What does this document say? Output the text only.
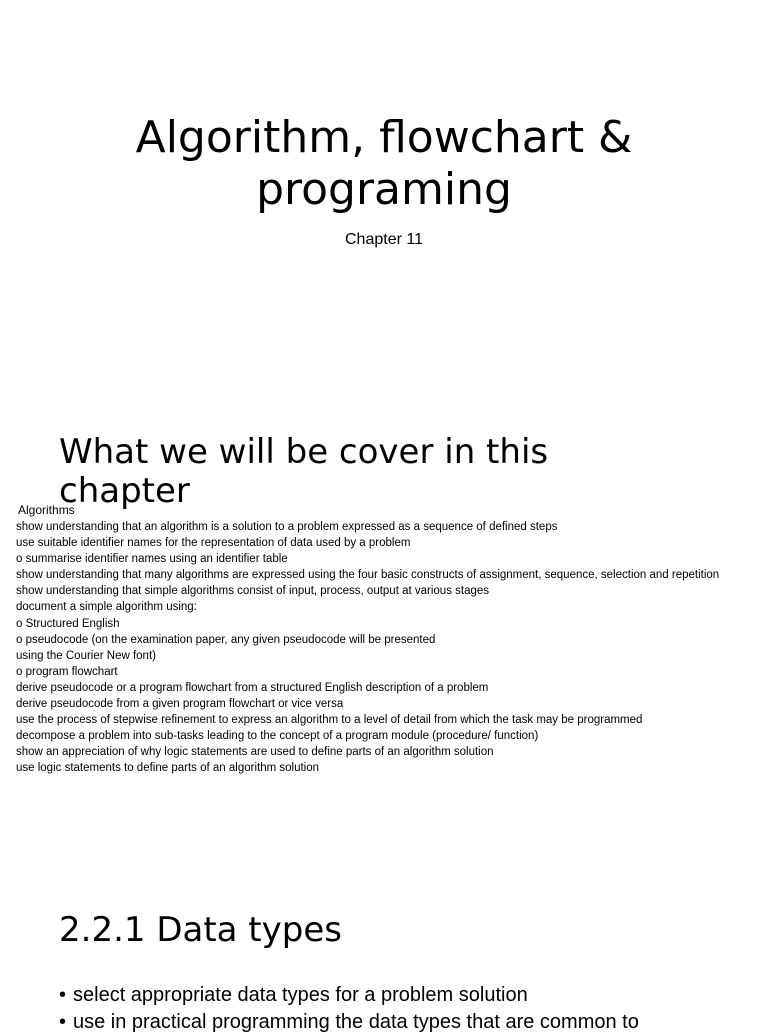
Algorithm, flowchart &
programing

Chapter 11

What we will be cover in this
chapter

Algorithms

show understanding that an algorithm is a solution to a problem expressed as a sequence of defined steps
use suitable identifier names for the representation of data used by a problem
o summarise identifier names using an identifier table
show understanding that many algorithms are expressed using the four basic constructs of assignment, sequence, selection and repetition
show understanding that simple algorithms consist of input, process, output at various stages
document a simple algorithm using:
o Structured English
o pseudocode (on the examination paper, any given pseudocode will be presented
using the Courier New font)
o program flowchart
derive pseudocode or a program flowchart from a structured English description of a problem
derive pseudocode from a given program flowchart or vice versa
use the process of stepwise refinement to express an algorithm to a level of detail from which the task may be programmed
decompose a problem into sub-tasks leading to the concept of a program module (procedure/ function)
show an appreciation of why logic statements are used to define parts of an algorithm solution
use logic statements to define parts of an algorithm solution
2.2.1 Data types
• select appropriate data types for a problem solution
• use in practical programming the data types that are common to
